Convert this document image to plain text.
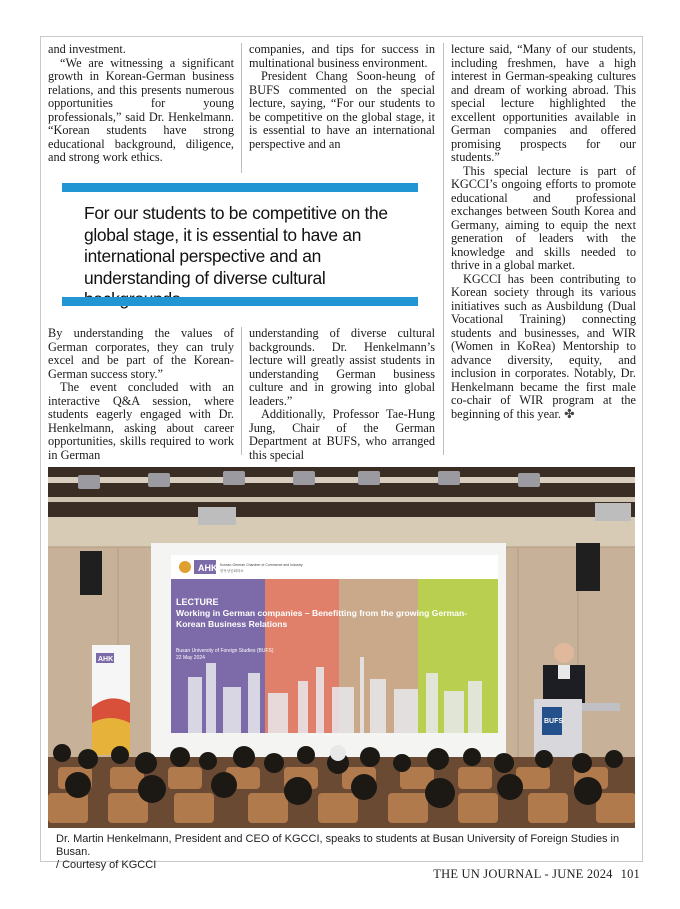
and investment.

“We are witnessing a significant growth in Korean-German business relations, and this presents numerous opportunities for young professionals,” said Dr. Henkelmann. “Korean students have strong educational background, diligence, and strong work ethics.

companies, and tips for success in multinational business environment.

President Chang Soon-heung of BUFS commented on the special lecture, saying, “For our students to be competitive on the global stage, it is essential to have an international perspective and an

lecture said, “Many of our students, including freshmen, have a high interest in German-speaking cultures and dream of working abroad. This special lecture highlighted the excellent opportunities available in German companies and offered promising prospects for our students.”

This special lecture is part of KGCCI’s ongoing efforts to promote educational and professional exchanges between South Korea and Germany, aiming to equip the next generation of leaders with the knowledge and skills needed to thrive in a global market.

KGCCI has been contributing to Korean society through its various initiatives such as Ausbildung (Dual Vocational Training) connecting students and businesses, and WIR (Women in KoRea) Mentorship to advance diversity, equity, and inclusion in corporates. Notably, Dr. Henkelmann became the first male co-chair of WIR program at the beginning of this year. ✤

For our students to be competitive on the global stage, it is essential to have an international perspective and an understanding of diverse cultural

By understanding the values of German corporates, they can truly excel and be part of the Korean-German success story.”

The event concluded with an interactive Q&A session, where students eagerly engaged with Dr. Henkelmann, asking about career opportunities, skills required to work in German

understanding of diverse cultural backgrounds. Dr. Henkelmann’s lecture will greatly assist students in understanding German business culture and in growing into global leaders.”

Additionally, Professor Tae-Hung Jung, Chair of the German Department at BUFS, who arranged this special

AHK Korean-German Chamber of Commerce and Industry
한독상공회의소
LECTURE
Working in German companies – Benefitting from the growing German-Korean Business Relations
Busan University of Foreign Studies (BUFS)
22 May 2024
AHK
BUFS
Dr. Martin Henkelmann, President and CEO of KGCCI, speaks to students at Busan University of Foreign Studies in Busan.
/ Courtesy of KGCCI
THE UN JOURNAL - JUNE 2024 101
